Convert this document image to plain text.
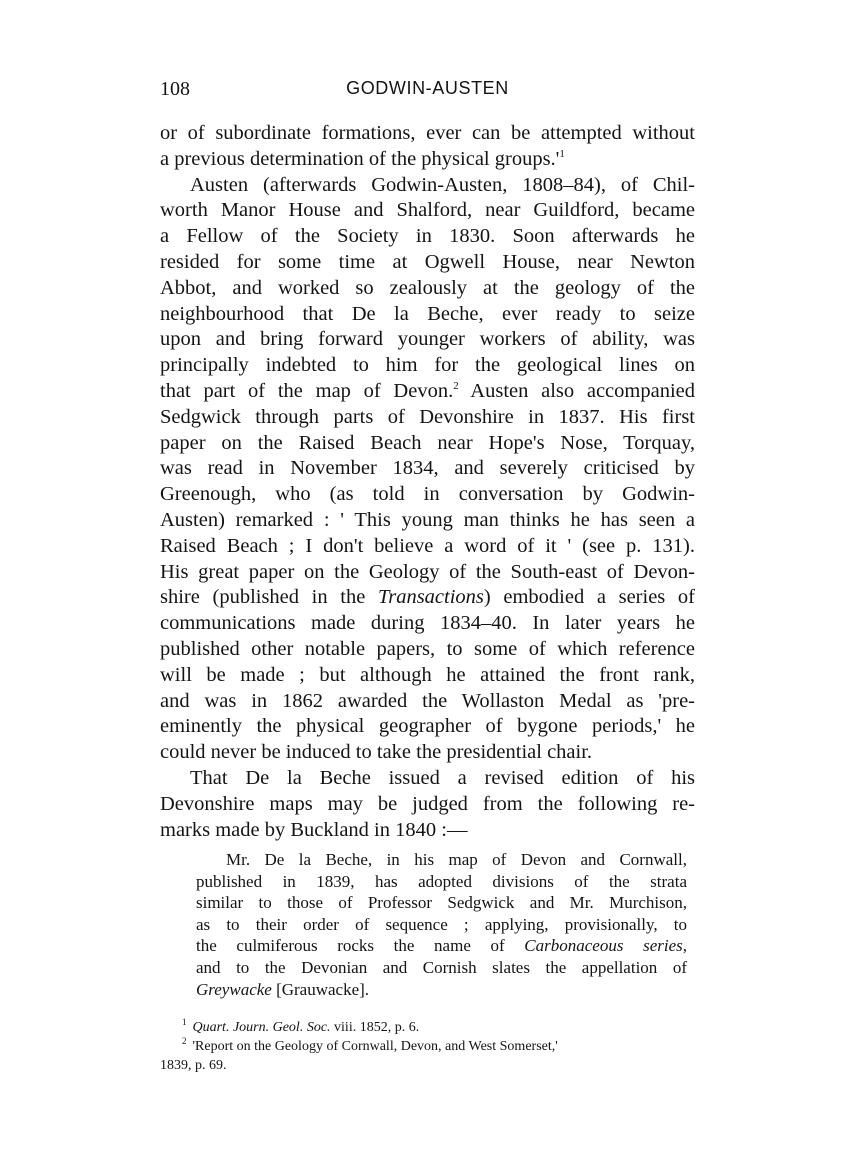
108	GODWIN-AUSTEN

or of subordinate formations, ever can be attempted without
a previous determination of the physical $groups.'^1$

Austen (afterwards Godwin-Austen, 1808–84), of Chil-
worth Manor House and Shalford, near Guildford, became
a Fellow of the Society in 1830. Soon afterwards he
resided for some time at Ogwell House, near Newton
Abbot, and worked so zealously at the geology of the
neighbourhood that De la Beche, ever ready to seize
upon and bring forward younger workers of ability, was
principally indebted to him for the geological lines on
that part of the map of Devon.$^2$ Austen also accompanied
Sedgwick through parts of Devonshire in 1837. His first
paper on the Raised Beach near Hope's Nose, Torquay,
was read in November 1834, and severely criticised by
Greenough, who (as told in conversation by Godwin-
Austen) remarked : ' This young man thinks he has seen a
Raised Beach ; I don't believe a word of it ' (see p. 131).
His great paper on the Geology of the South-east of Devon-
shire (published in the Transactions) embodied a series of
communications made during 1834–40. In later years he
published other notable papers, to some of which reference
will be made ; but although he attained the front rank,
and was in 1862 awarded the Wollaston Medal as 'pre-
eminently the physical geographer of bygone periods,' he
could never be induced to take the presidential chair.

That De la Beche issued a revised edition of his
Devonshire maps may be judged from the following re-
marks made by Buckland in 1840 :—

Mr. De la Beche, in his map of Devon and Cornwall,
published in 1839, has adopted divisions of the strata
similar to those of Professor Sedgwick and Mr. Murchison,
as to their order of sequence ; applying, provisionally, to
the culmiferous rocks the name of Carbonaceous series,
and to the Devonian and Cornish slates the appellation of
Greywacke [Grauwacke].

$^1$ Quart. Journ. Geol. Soc. viii. 1852, p. 6.

$^2$ 'Report on the Geology of Cornwall, Devon, and West Somerset,'

1839, p. 69.
